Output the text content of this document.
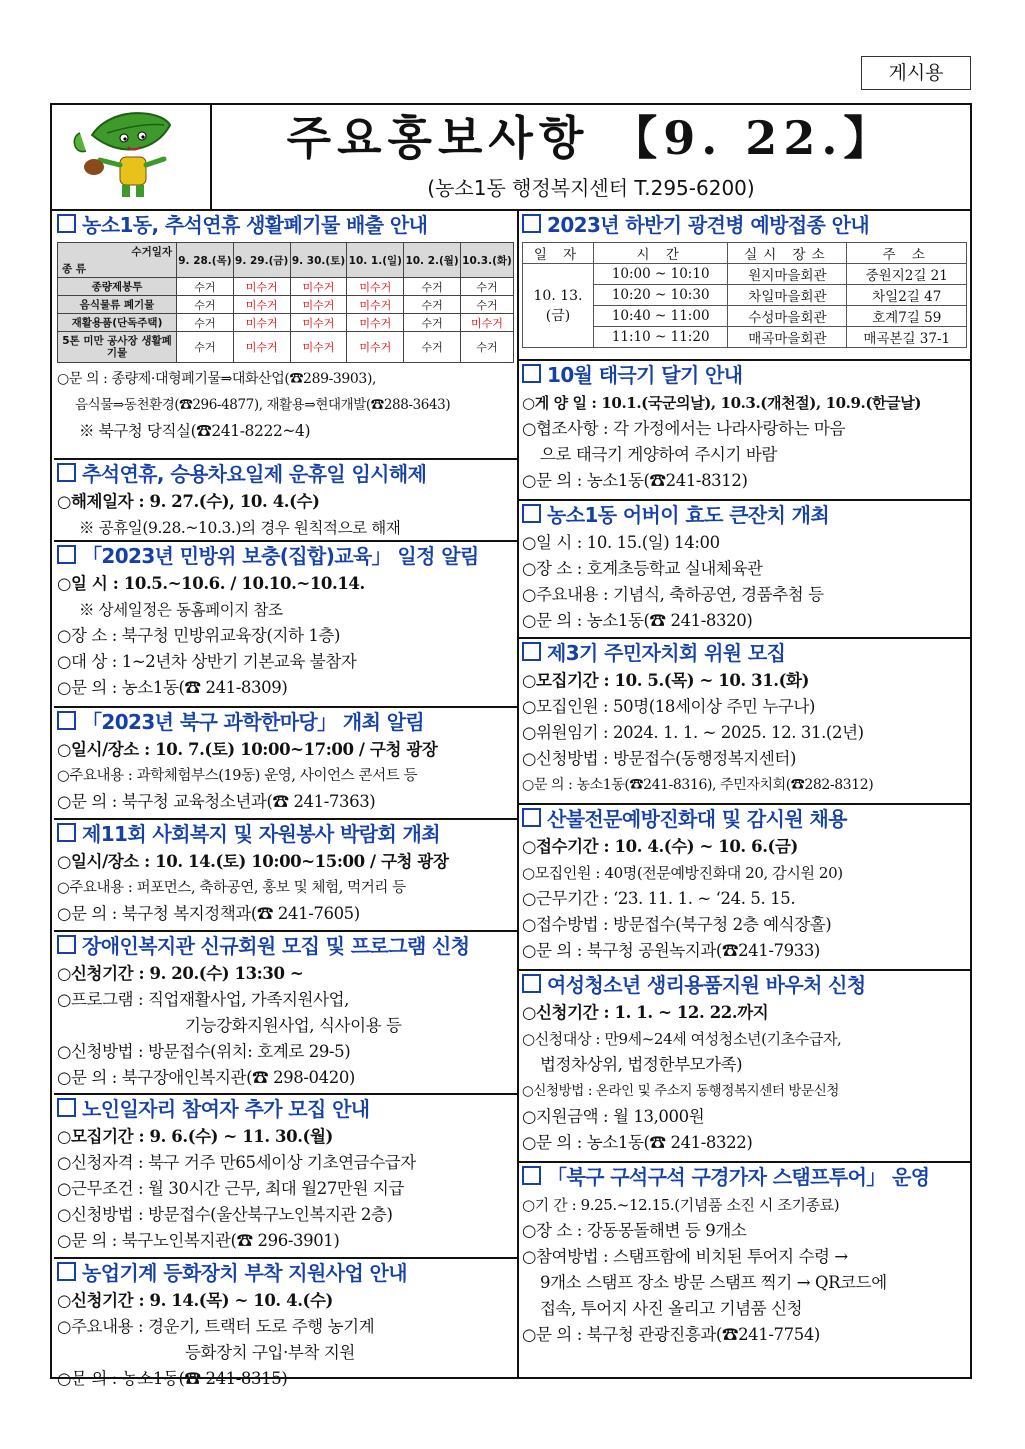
게시용
주요홍보사항 【9. 22.】
(농소1동 행정복지센터 T.295-6200)
농소1동, 추석연휴 생활폐기물 배출 안내
수거일자
종 류	9. 28.(목)	9. 29.(금)	9. 30.(토)	10. 1.(일)	10. 2.(월)	10.3.(화)
종량제봉투	수거	미수거	미수거	미수거	수거	수거
음식물류 폐기물	수거	미수거	미수거	미수거	수거	수거
재활용품(단독주택)	수거	미수거	미수거	미수거	수거	미수거
5톤 미만 공사장 생활폐기물	수거	미수거	미수거	미수거	수거	수거
○문 의 : 종량제·대형폐기물⇒대화산업(☎289-3903),
음식물⇒동천환경(☎296-4877), 재활용⇒현대개발(☎288-3643)
※ 북구청 당직실(☎241-8222~4)
추석연휴, 승용차요일제 운휴일 임시해제
○해제일자 : 9. 27.(수), 10. 4.(수)
※ 공휴일(9.28.~10.3.)의 경우 원칙적으로 해재
「2023년 민방위 보충(집합)교육」 일정 알림
○일 시 : 10.5.~10.6. / 10.10.~10.14.
※ 상세일정은 동홈페이지 참조
○장 소 : 북구청 민방위교육장(지하 1층)
○대 상 : 1~2년차 상반기 기본교육 불참자
○문 의 : 농소1동(☎ 241-8309)
「2023년 북구 과학한마당」 개최 알림
○일시/장소 : 10. 7.(토) 10:00~17:00 / 구청 광장
○주요내용 : 과학체험부스(19동) 운영, 사이언스 콘서트 등
○문 의 : 북구청 교육청소년과(☎ 241-7363)
제11회 사회복지 및 자원봉사 박람회 개최
○일시/장소 : 10. 14.(토) 10:00~15:00 / 구청 광장
○주요내용 : 퍼포먼스, 축하공연, 홍보 및 체험, 먹거리 등
○문 의 : 북구청 복지정책과(☎ 241-7605)
장애인복지관 신규회원 모집 및 프로그램 신청
○신청기간 : 9. 20.(수) 13:30 ~
○프로그램 : 직업재활사업, 가족지원사업,
기능강화지원사업, 식사이용 등
○신청방법 : 방문접수(위치: 호계로 29-5)
○문 의 : 북구장애인복지관(☎ 298-0420)
노인일자리 참여자 추가 모집 안내
○모집기간 : 9. 6.(수) ~ 11. 30.(월)
○신청자격 : 북구 거주 만65세이상 기초연금수급자
○근무조건 : 월 30시간 근무, 최대 월27만원 지급
○신청방법 : 방문접수(울산북구노인복지관 2층)
○문 의 : 북구노인복지관(☎ 296-3901)
농업기계 등화장치 부착 지원사업 안내
○신청기간 : 9. 14.(목) ~ 10. 4.(수)
○주요내용 : 경운기, 트랙터 도로 주행 농기계
등화장치 구입·부착 지원
○문 의 : 농소1동(☎ 241-8315)
2023년 하반기 광견병 예방접종 안내
일 자	시 간	실시 장소	주 소
10. 13. (금)	10:00 ~ 10:10	원지마을회관	중원지2길 21
	10:20 ~ 10:30	차일마을회관	차일2길 47
	10:40 ~ 11:00	수성마을회관	호계7길 59
	11:10 ~ 11:20	매곡마을회관	매곡본길 37-1
10월 태극기 달기 안내
○게 양 일 : 10.1.(국군의날), 10.3.(개천절), 10.9.(한글날)
○협조사항 : 각 가정에서는 나라사랑하는 마음
으로 태극기 게양하여 주시기 바람
○문 의 : 농소1동(☎241-8312)
농소1동 어버이 효도 큰잔치 개최
○일 시 : 10. 15.(일) 14:00
○장 소 : 호계초등학교 실내체육관
○주요내용 : 기념식, 축하공연, 경품추첨 등
○문 의 : 농소1동(☎ 241-8320)
제3기 주민자치회 위원 모집
○모집기간 : 10. 5.(목) ~ 10. 31.(화)
○모집인원 : 50명(18세이상 주민 누구나)
○위원임기 : 2024. 1. 1. ~ 2025. 12. 31.(2년)
○신청방법 : 방문접수(동행정복지센터)
○문 의 : 농소1동(☎241-8316), 주민자치회(☎282-8312)
산불전문예방진화대 및 감시원 채용
○접수기간 : 10. 4.(수) ~ 10. 6.(금)
○모집인원 : 40명(전문예방진화대 20, 감시원 20)
○근무기간 : ‘23. 11. 1. ~ ‘24. 5. 15.
○접수방법 : 방문접수(북구청 2층 예식장홀)
○문 의 : 북구청 공원녹지과(☎241-7933)
여성청소년 생리용품지원 바우처 신청
○신청기간 : 1. 1. ~ 12. 22.까지
○신청대상 : 만9세~24세 여성청소년(기초수급자,
법정차상위, 법정한부모가족)
○신청방법 : 온라인 및 주소지 동행정복지센터 방문신청
○지원금액 : 월 13,000원
○문 의 : 농소1동(☎ 241-8322)
「북구 구석구석 구경가자 스탬프투어」 운영
○기 간 : 9.25.~12.15.(기념품 소진 시 조기종료)
○장 소 : 강동몽돌해변 등 9개소
○참여방법 : 스탬프함에 비치된 투어지 수령 →
9개소 스탬프 장소 방문 스탬프 찍기 → QR코드에
접속, 투어지 사진 올리고 기념품 신청
○문 의 : 북구청 관광진흥과(☎241-7754)
